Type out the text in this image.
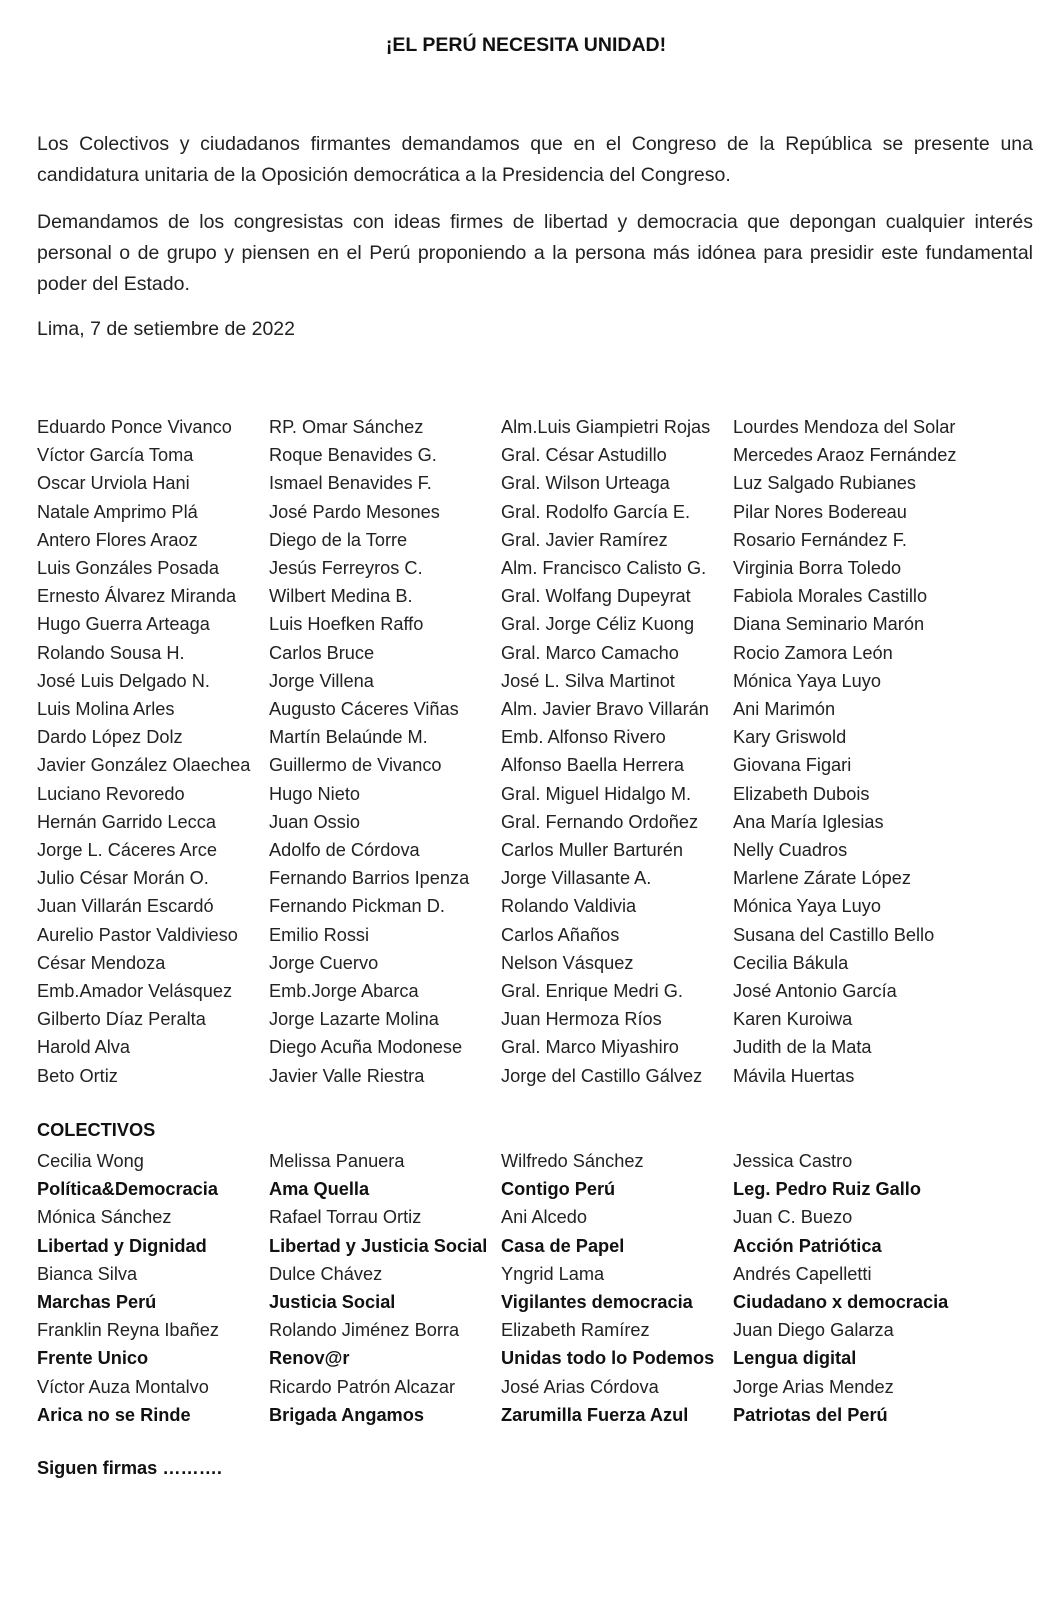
¡EL PERÚ NECESITA UNIDAD!
Los Colectivos y ciudadanos firmantes demandamos que en el Congreso de la República se presente una candidatura unitaria de la Oposición democrática a la Presidencia del Congreso.
Demandamos de los congresistas con ideas firmes de libertad y democracia que depongan cualquier interés personal o de grupo y piensen en el Perú proponiendo a la persona más idónea para presidir este fundamental poder del Estado.
Lima, 7 de setiembre de 2022
Eduardo Ponce Vivanco
Víctor García Toma
Oscar Urviola Hani
Natale Amprimo Plá
Antero Flores Araoz
Luis Gonzáles Posada
Ernesto Álvarez Miranda
Hugo Guerra Arteaga
Rolando Sousa H.
José Luis Delgado N.
Luis Molina Arles
Dardo López Dolz
Javier González Olaechea
Luciano Revoredo
Hernán Garrido Lecca
Jorge L. Cáceres Arce
Julio César Morán O.
Juan Villarán Escardó
Aurelio Pastor Valdivieso
César Mendoza
Emb.Amador Velásquez
Gilberto Díaz Peralta
Harold Alva
Beto Ortiz
RP. Omar Sánchez
Roque Benavides G.
Ismael Benavides F.
José Pardo Mesones
Diego de la Torre
Jesús Ferreyros C.
Wilbert Medina B.
Luis Hoefken Raffo
Carlos Bruce
Jorge Villena
Augusto Cáceres Viñas
Martín Belaúnde M.
Guillermo de Vivanco
Hugo Nieto
Juan Ossio
Adolfo de Córdova
Fernando Barrios Ipenza
Fernando Pickman D.
Emilio Rossi
Jorge Cuervo
Emb.Jorge Abarca
Jorge Lazarte Molina
Diego Acuña Modonese
Javier Valle Riestra
Alm.Luis Giampietri Rojas
Gral. César Astudillo
Gral. Wilson Urteaga
Gral. Rodolfo García E.
Gral. Javier Ramírez
Alm. Francisco Calisto G.
Gral. Wolfang Dupeyrat
Gral. Jorge Céliz Kuong
Gral. Marco Camacho
José L. Silva Martinot
Alm. Javier Bravo Villarán
Emb. Alfonso Rivero
Alfonso Baella Herrera
Gral. Miguel Hidalgo M.
Gral. Fernando Ordoñez
Carlos Muller Barturén
Jorge Villasante A.
Rolando Valdivia
Carlos Añaños
Nelson Vásquez
Gral. Enrique Medri G.
Juan Hermoza Ríos
Gral. Marco Miyashiro
Jorge del Castillo Gálvez
Lourdes Mendoza del Solar
Mercedes Araoz Fernández
Luz Salgado Rubianes
Pilar Nores Bodereau
Rosario Fernández F.
Virginia Borra Toledo
Fabiola Morales Castillo
Diana Seminario Marón
Rocio Zamora León
Mónica Yaya Luyo
Ani Marimón
Kary Griswold
Giovana Figari
Elizabeth Dubois
Ana María Iglesias
Nelly Cuadros
Marlene Zárate López
Mónica Yaya Luyo
Susana del Castillo Bello
Cecilia Bákula
José Antonio García
Karen Kuroiwa
Judith de la Mata
Mávila Huertas
COLECTIVOS
Cecilia Wong
Política&Democracia
Mónica Sánchez
Libertad y Dignidad
Bianca Silva
Marchas Perú
Franklin Reyna Ibañez
Frente Unico
Víctor Auza Montalvo
Arica no se Rinde
Melissa Panuera
Ama Quella
Rafael Torrau Ortiz
Libertad y Justicia Social
Dulce Chávez
Justicia Social
Rolando Jiménez Borra
Renov@r
Ricardo Patrón Alcazar
Brigada Angamos
Wilfredo Sánchez
Contigo Perú
Ani Alcedo
Casa de Papel
Yngrid Lama
Vigilantes democracia
Elizabeth Ramírez
Unidas todo lo Podemos
José Arias Córdova
Zarumilla Fuerza Azul
Jessica Castro
Leg. Pedro Ruiz Gallo
Juan C. Buezo
Acción Patriótica
Andrés Capelletti
Ciudadano x democracia
Juan Diego Galarza
Lengua digital
Jorge Arias Mendez
Patriotas del Perú
Siguen firmas ……….
